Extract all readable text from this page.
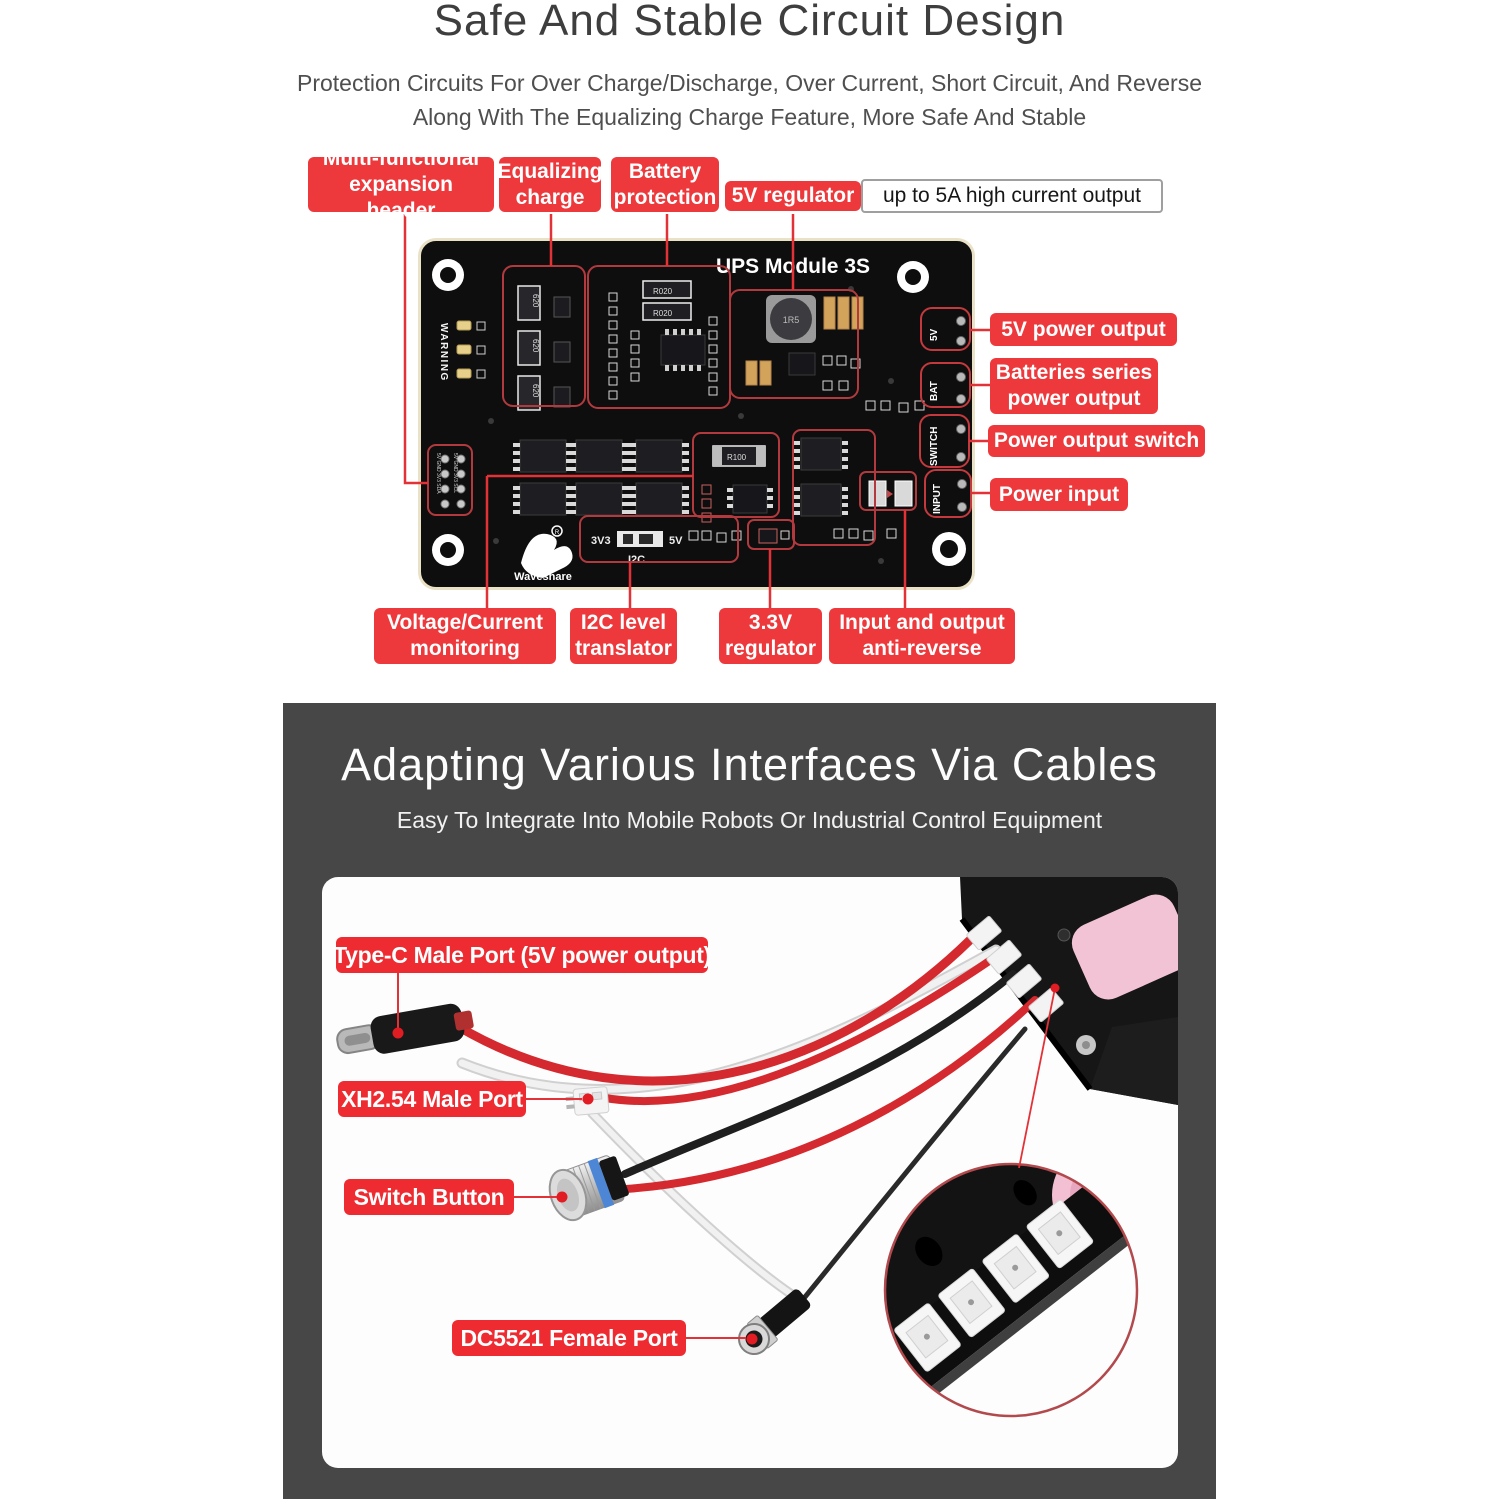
Safe And Stable Circuit Design
Protection Circuits For Over Charge/Discharge, Over Current, Short Circuit, And Reverse
Along With The Equalizing Charge Feature, More Safe And Stable
UPS Module 3S
WARNING
620
620
620
R020
R020
1R5
5V
BAT
SWITCH
INPUT
5V GND 3V3 SDA 5V GND 3V3 SCL	R100
3V3	5V
I2C
R
Waveshare
Multi-functional expansion header
Equalizing charge
Battery protection 5V regulator	up to 5A high current output
5V power output
Batteries series power output
Power output switch
Power input
Voltage/Current monitoring
I2C level translator
3.3V regulator
Input and output anti-reverse
Adapting Various Interfaces Via Cables
Easy To Integrate Into Mobile Robots Or Industrial Control Equipment
Type-C Male Port (5V power output)
XH2.54 Male Port
Switch Button
DC5521 Female Port
